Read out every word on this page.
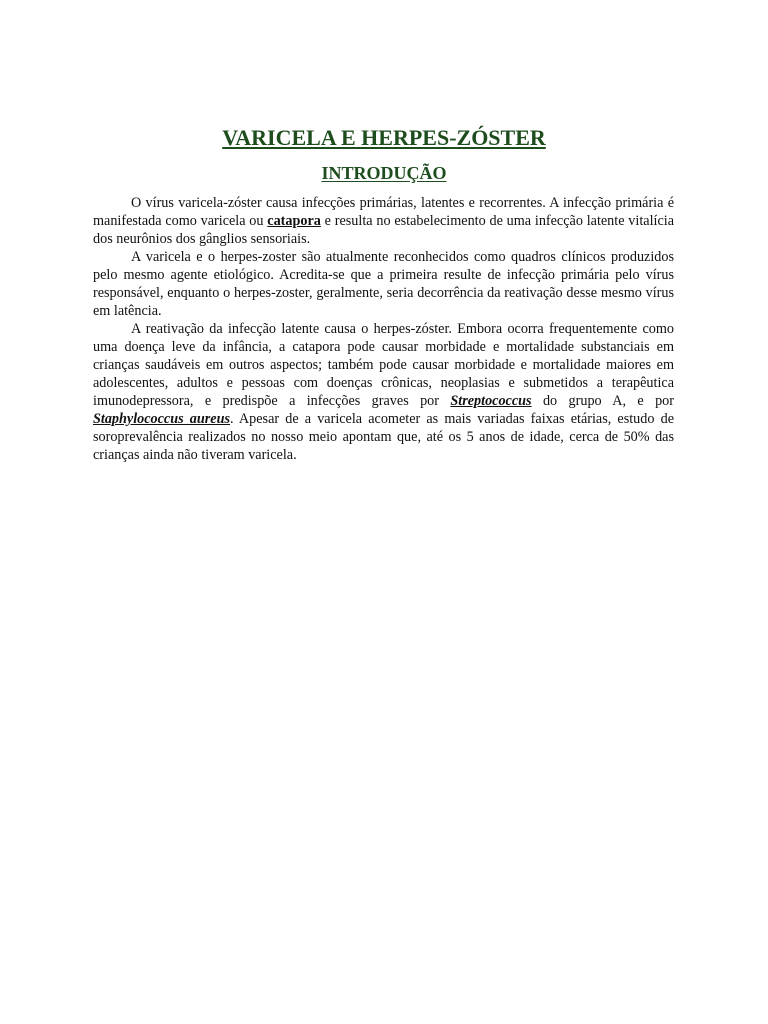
VARICELA E HERPES-ZÓSTER
INTRODUÇÃO

O vírus varicela-zóster causa infecções primárias, latentes e recorrentes. A infecção primária é manifestada como varicela ou catapora e resulta no estabelecimento de uma infecção latente vitalícia dos neurônios dos gânglios sensoriais.

A varicela e o herpes-zoster são atualmente reconhecidos como quadros clínicos produzidos pelo mesmo agente etiológico. Acredita-se que a primeira resulte de infecção primária pelo vírus responsável, enquanto o herpes-zoster, geralmente, seria decorrência da reativação desse mesmo vírus em latência.

A reativação da infecção latente causa o herpes-zóster. Embora ocorra frequentemente como uma doença leve da infância, a catapora pode causar morbidade e mortalidade substanciais em crianças saudáveis em outros aspectos; também pode causar morbidade e mortalidade maiores em adolescentes, adultos e pessoas com doenças crônicas, neoplasias e submetidos a terapêutica imunodepressora, e predispõe a infecções graves por Streptococcus do grupo A, e por Staphylococcus aureus. Apesar de a varicela acometer as mais variadas faixas etárias, estudo de soroprevalência realizados no nosso meio apontam que, até os 5 anos de idade, cerca de 50% das crianças ainda não tiveram varicela.
